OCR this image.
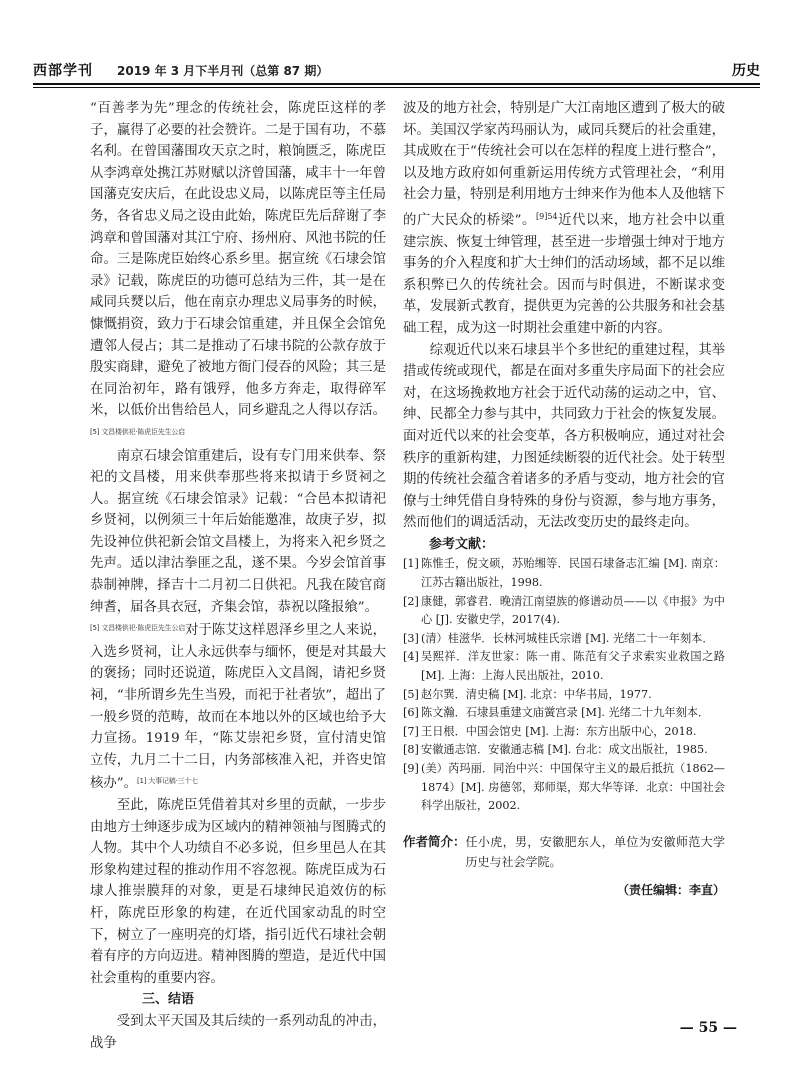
西部学刊 2019 年 3 月下半月刊（总第 87 期）	历史

“百善孝为先”理念的传统社会，陈虎臣这样的孝子，赢得了必要的社会赞许。二是于国有功，不慕名利。在曾国藩围攻天京之时，粮饷匮乏，陈虎臣从李鸿章处携江苏财赋以济曾国藩，咸丰十一年曾国藩克安庆后，在此设忠义局，以陈虎臣等主任局务，各省忠义局之设由此始，陈虎臣先后辞谢了李鸿章和曾国藩对其江宁府、扬州府、风池书院的任命。三是陈虎臣始终心系乡里。据宣统《石埭会馆录》记载，陈虎臣的功德可总结为三件，其一是在咸同兵燹以后，他在南京办理忠义局事务的时候，慷慨捐资，致力于石埭会馆重建，并且保全会馆免遭邻人侵占；其二是推动了石埭书院的公款存放于殷实商肆，避免了被地方衙门侵吞的风险；其三是在同治初年，路有饿殍，他多方奔走，取得碎军米，以低价出售给邑人，同乡避乱之人得以存活。$^{[5] 文昌楼供祀\cdot 陈虎臣先生公启}$

南京石埭会馆重建后，设有专门用来供奉、祭祀的文昌楼，用来供奉那些将来拟请于乡贤祠之人。据宣统《石埭会馆录》记载：“合邑本拟请祀乡贤祠，以例须三十年后始能邀准，故庚子岁，拟先设神位供祀新会馆文昌楼上，为将来入祀乡贤之先声。适以津沽拳匪之乱，遂不果。今岁会馆首事恭制神牌，择吉十二月初二日供祀。凡我在陵官商绅耆，届各具衣冠，齐集会馆，恭祝以隆报飨”。
$^{[5] 文昌楼供祀\cdot 陈虎臣先生公启}$对于陈艾这样恩泽乡里之人来说，入选乡贤祠，让人永远供奉与缅怀，便是对其最大的褒扬；同时还说道，陈虎臣入文昌阁，请祀乡贤祠，“非所谓乡先生当殁，而祀于社者欤”，超出了一般乡贤的范畴，故而在本地以外的区域也给予大力宣扬。1919 年，“陈艾崇祀乡贤，宣付清史馆立传，九月二十二日，内务部核准入祀，并咨史馆核办”。$^{[1] 大事记稿\cdot 三十七}$

至此，陈虎臣凭借着其对乡里的贡献，一步步由地方士绅逐步成为区域内的精神领袖与图腾式的人物。其中个人功绩自不必多说，但乡里邑人在其形象构建过程的推动作用不容忽视。陈虎臣成为石埭人推崇膜拜的对象，更是石埭绅民追效仿的标杆，陈虎臣形象的构建，在近代国家动乱的时空下，树立了一座明亮的灯塔，指引近代石埭社会朝着有序的方向迈进。精神图腾的塑造，是近代中国社会重构的重要内容。

三、结语

受到太平天国及其后续的一系列动乱的冲击，战争

波及的地方社会，特别是广大江南地区遭到了极大的破坏。美国汉学家芮玛丽认为，咸同兵燹后的社会重建，其成败在于“传统社会可以在怎样的程度上进行整合”，以及地方政府如何重新运用传统方式管理社会，“利用社会力量，特别是利用地方士绅来作为他本人及他辖下的广大民众的桥梁”。$^{[9]54}$近代以来，地方社会中以重建宗族、恢复士绅管理，甚至进一步增强士绅对于地方事务的介入程度和扩大士绅们的活动场域，都不足以维系积弊已久的传统社会。因而与时俱进，不断谋求变革，发展新式教育，提供更为完善的公共服务和社会基础工程，成为这一时期社会重建中新的内容。

综观近代以来石埭县半个多世纪的重建过程，其举措或传统或现代，都是在面对多重失序局面下的社会应对，在这场挽救地方社会于近代动荡的运动之中，官、绅、民都全力参与其中，共同致力于社会的恢复发展。面对近代以来的社会变革，各方积极响应，通过对社会秩序的重新构建，力图延续断裂的近代社会。处于转型期的传统社会蕴含着诸多的矛盾与变动，地方社会的官僚与士绅凭借自身特殊的身份与资源，参与地方事务，然而他们的调适活动，无法改变历史的最终走向。

参考文献：

[1] 陈惟壬，倪文硕，苏贻缃等．民国石埭备志汇编 [M]. 南京：江苏古籍出版社，1998.
[2] 康健，郭睿君．晚清江南望族的修谱动员——以《申报》为中心 [J]. 安徽史学，2017(4).
[3] (清）桂滋华．长林河城桂氏宗谱 [M]. 光绪二十一年刻本．
[4] 吴熙祥．洋友世家：陈一甫、陈范有父子求索实业救国之路 [M]. 上海：上海人民出版社，2010.
[5] 赵尔巽．清史稿 [M]. 北京：中华书局，1977.
[6] 陈文瀚．石埭县重建文庙黉宫录 [M]. 光绪二十九年刻本．
[7] 王日根．中国会馆史 [M]. 上海：东方出版中心，2018.
[8] 安徽通志馆．安徽通志稿 [M]. 台北：成文出版社，1985.
[9] (美）芮玛丽．同治中兴：中国保守主义的最后抵抗（1862—1874）[M]. 房德邻，郑师渠，郑大华等译．北京：中国社会科学出版社，2002.
作者简介： 任小虎，男，安徽肥东人，单位为安徽师范大学历史与社会学院。
（责任编辑：李直）
— 55 —
